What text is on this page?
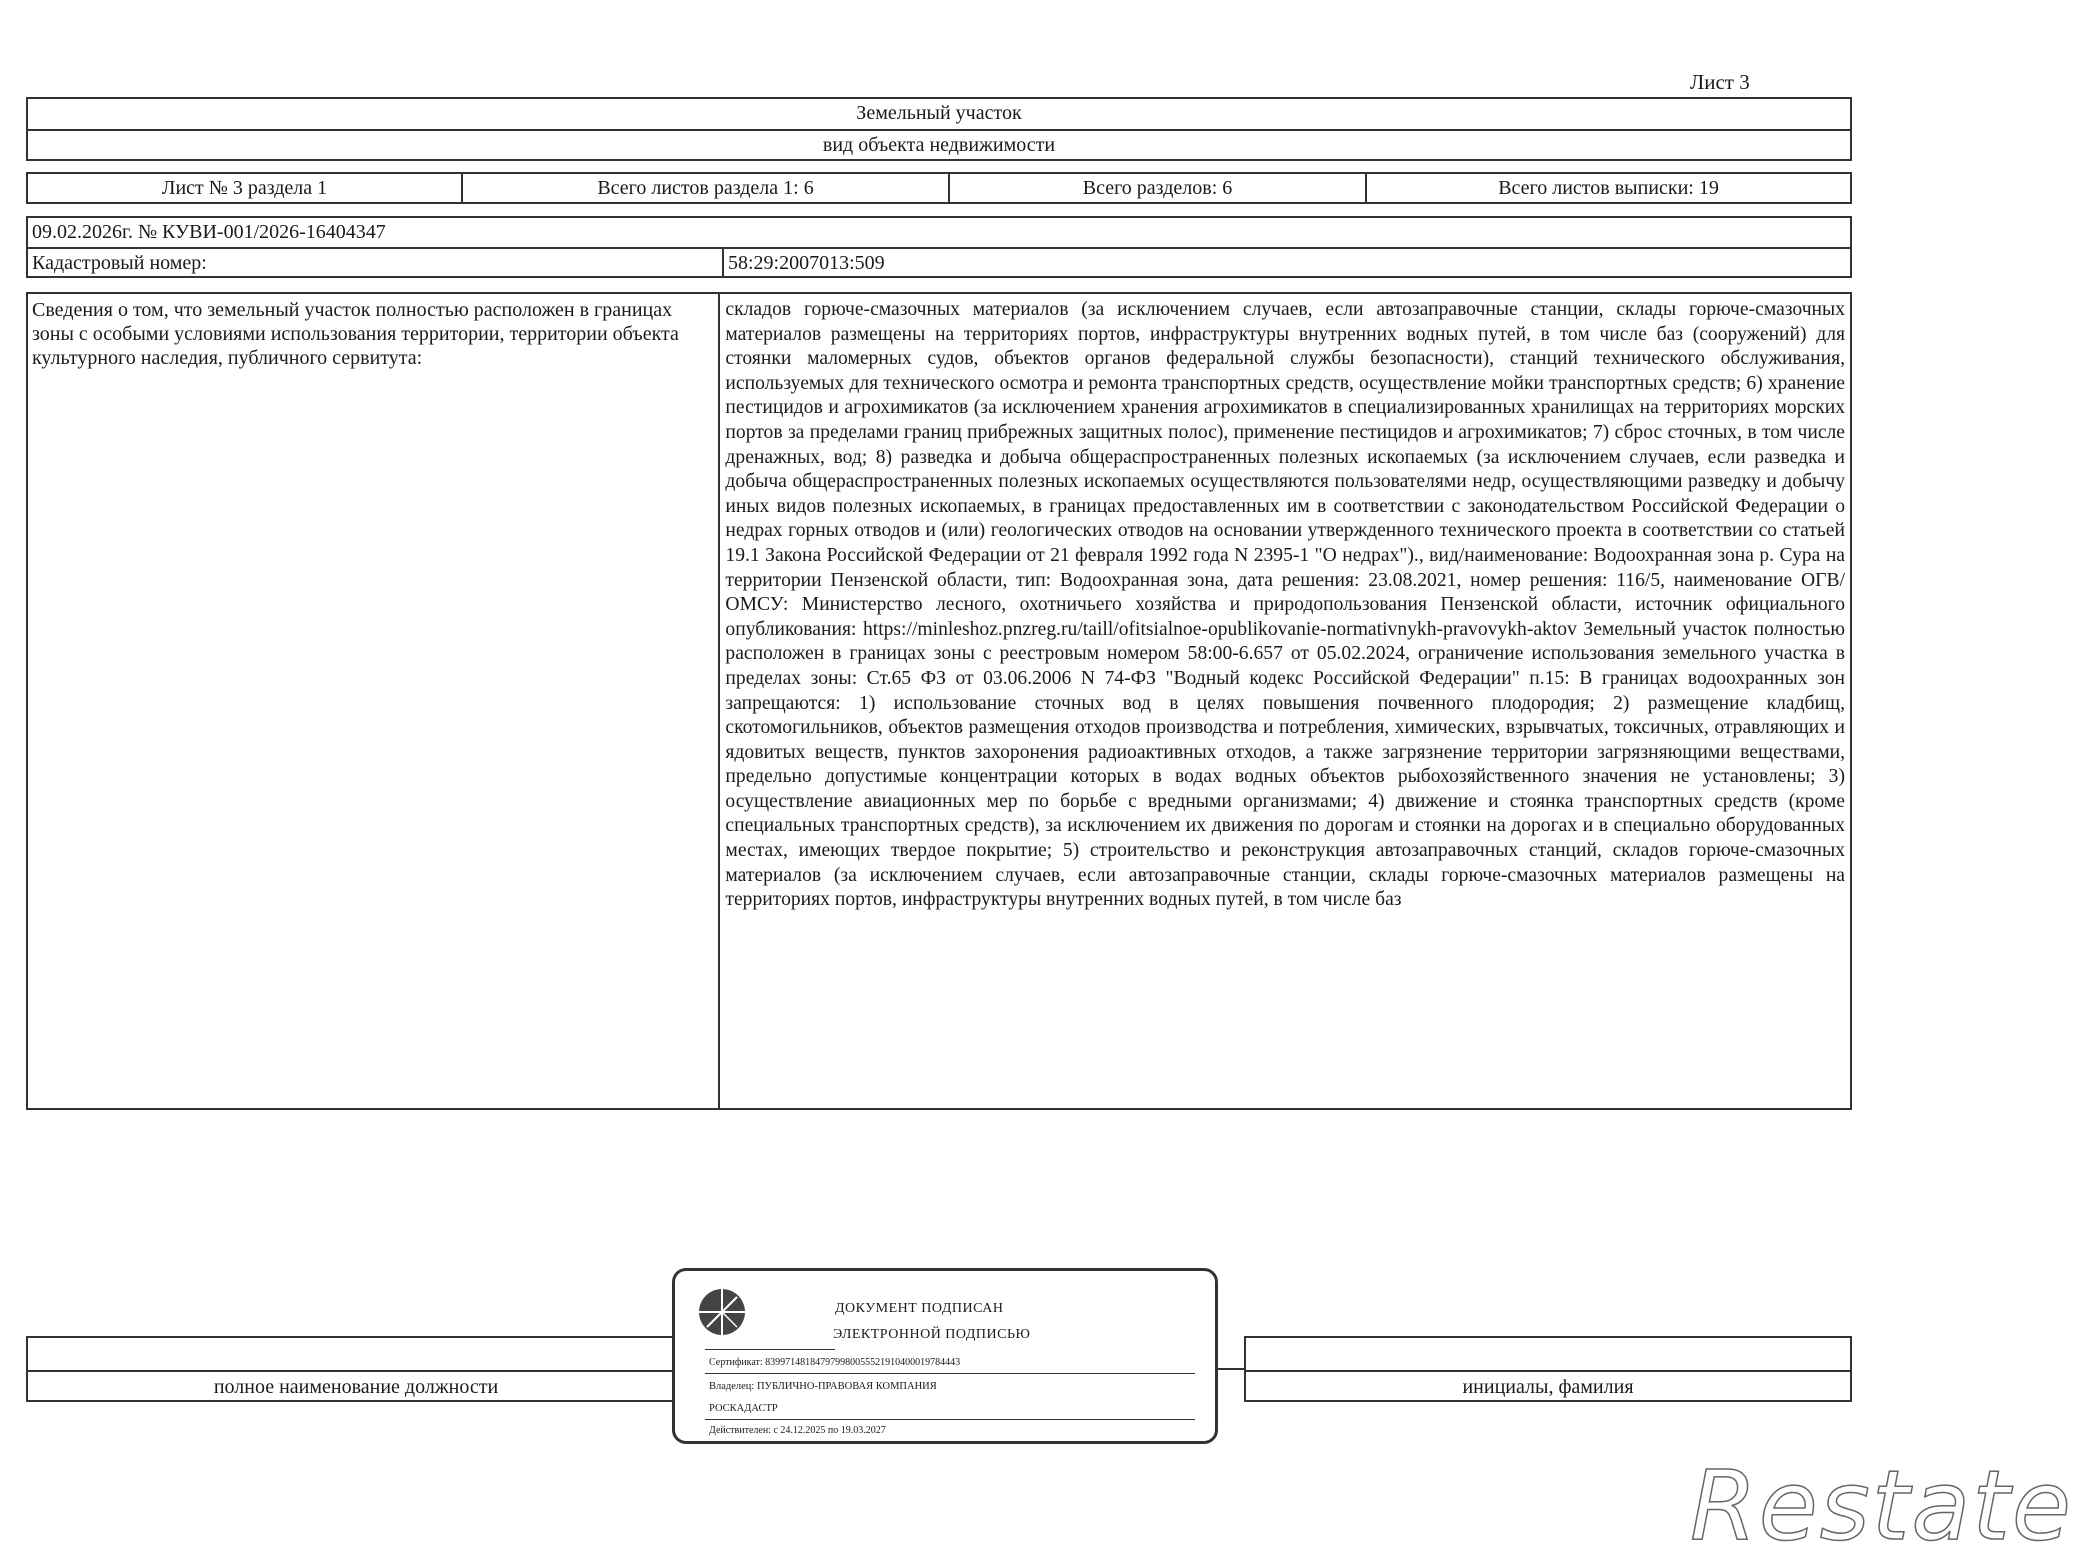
Лист 3
Земельный участок
вид объекта недвижимости
Лист № 3 раздела 1	Всего листов раздела 1: 6	Всего разделов: 6	Всего листов выписки: 19
09.02.2026г. № КУВИ-001/2026-16404347
Кадастровый номер:	58:29:2007013:509
Сведения о том, что земельный участок полностью расположен в границах зоны с особыми условиями использования территории, территории объекта культурного наследия, публичного сервитута:
складов горюче-смазочных материалов (за исключением случаев, если автозаправочные станции, склады горюче-смазочных материалов размещены на территориях портов, инфраструктуры внутренних водных путей, в том числе баз (сооружений) для стоянки маломерных судов, объектов органов федеральной службы безопасности), станций технического обслуживания, используемых для технического осмотра и ремонта транспортных средств, осуществление мойки транспортных средств; 6) хранение пестицидов и агрохимикатов (за исключением хранения агрохимикатов в специализированных хранилищах на территориях морских портов за пределами границ прибрежных защитных полос), применение пестицидов и агрохимикатов; 7) сброс сточных, в том числе дренажных, вод; 8) разведка и добыча общераспространенных полезных ископаемых (за исключением случаев, если разведка и добыча общераспространенных полезных ископаемых осуществляются пользователями недр, осуществляющими разведку и добычу иных видов полезных ископаемых, в границах предоставленных им в соответствии с законодательством Российской Федерации о недрах горных отводов и (или) геологических отводов на основании утвержденного технического проекта в соответствии со статьей 19.1 Закона Российской Федерации от 21 февраля 1992 года N 2395-1 "О недрах")., вид/наименование: Водоохранная зона р. Сура на территории Пензенской области, тип: Водоохранная зона, дата решения: 23.08.2021, номер решения: 116/5, наименование ОГВ/ОМСУ: Министерство лесного, охотничьего хозяйства и природопользования Пензенской области, источник официального опубликования: https://minleshoz.pnzreg.ru/taill/ofitsialnoe-opublikovanie-normativnykh-pravovykh-aktov Земельный участок полностью расположен в границах зоны с реестровым номером 58:00-6.657 от 05.02.2024, ограничение использования земельного участка в пределах зоны: Ст.65 ФЗ от 03.06.2006 N 74-ФЗ "Водный кодекс Российской Федерации" п.15: В границах водоохранных зон запрещаются: 1) использование сточных вод в целях повышения почвенного плодородия; 2) размещение кладбищ, скотомогильников, объектов размещения отходов производства и потребления, химических, взрывчатых, токсичных, отравляющих и ядовитых веществ, пунктов захоронения радиоактивных отходов, а также загрязнение территории загрязняющими веществами, предельно допустимые концентрации которых в водах водных объектов рыбохозяйственного значения не установлены; 3) осуществление авиационных мер по борьбе с вредными организмами; 4) движение и стоянка транспортных средств (кроме специальных транспортных средств), за исключением их движения по дорогам и стоянки на дорогах и в специально оборудованных местах, имеющих твердое покрытие; 5) строительство и реконструкция автозаправочных станций, складов горюче-смазочных материалов (за исключением случаев, если автозаправочные станции, склады горюче-смазочных материалов размещены на территориях портов, инфраструктуры внутренних водных путей, в том числе баз
полное наименование должности	инициалы, фамилия
ДОКУМЕНТ ПОДПИСАН
ЭЛЕКТРОННОЙ ПОДПИСЬЮ
Сертификат: 839971481847979980055521910400019784443
Владелец: ПУБЛИЧНО-ПРАВОВАЯ КОМПАНИЯ
РОСКАДАСТР
Действителен: с 24.12.2025 по 19.03.2027
Restate
